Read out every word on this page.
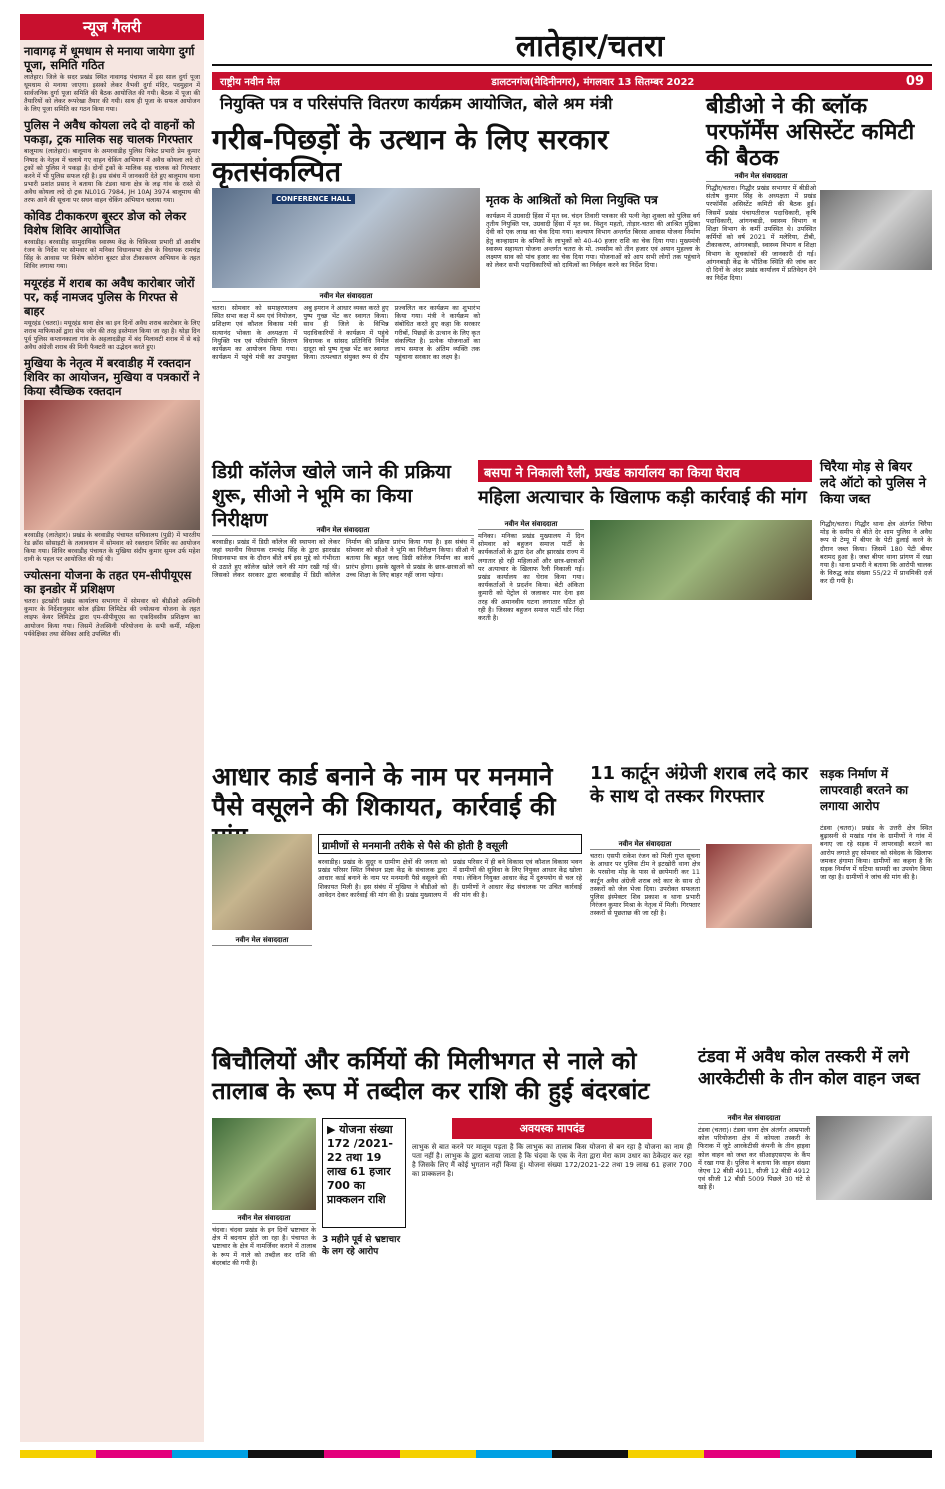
लातेहार/चतरा
राष्ट्रीय नवीन मेल	डालटनगंज(मेदिनीनगर), मंगलवार 13 सितम्बर 2022	09
न्यूज गैलरी
नावागढ़ में धूमधाम से मनाया जायेगा दुर्गा पूजा, समिति गठित
लातेहार। जिले के सदर प्रखंड स्थित नावागढ़ पंचायत में इस साल दुर्गा पूजा धूमधाम से मनाया जाएगा। इसको लेकर वैभवी दुर्गा मंदिर, पदमुहान में सार्वजनिक दुर्गा पूजा समिति की बैठक आयोजित की गयी। बैठक में पूजा की तैयारियों को लेकर रूपरेखा तैयार की गयी। साथ ही पूजा के सफल आयोजन के लिए पूजा समिति का गठन किया गया।
पुलिस ने अवैध कोयला लदे दो वाहनों को पकड़ा, ट्रक मालिक सह चालक गिरफ्तार
बालूमाथ (लातेहार)। बालूमाथ के अमरवाडीह पुलिस पिकेट प्रभारी प्रेम कुमार निषाद के नेतृत्व में चलाये गए वाहन चेकिंग अभियान में अवैध कोयला लदे दो ट्रकों को पुलिस ने पकड़ा है। दोनों ट्रकों के मालिक सह चालक को गिरफ्तार करने में भी पुलिस सफल रही है। इस संबंध में जानकारी देते हुए बालूमाथ थाना प्रभारी प्रशांत प्रसाद ने बताया कि टंडवा थाना क्षेत्र के लढ़ गांव के रास्ते से अवैध कोयला लदे दो ट्रक NL01G 7984, JH 10AJ 3974 बालूमाथ की तरफ आने की सूचना पर सघन वाहन चेकिंग अभियान चलाया गया।
कोविड टीकाकरण बूस्टर डोज को लेकर विशेष शिविर आयोजित
बरवाडीह। बरवाडीह सामुदायिक स्वास्थ्य केंद्र के चिकित्सा प्रभारी डॉ आशीष रंजन के निर्देश पर सोमवार को मनिका विधानसभा क्षेत्र के विधायक रामचंद्र सिंह के आवास पर विशेष कोरोना बूस्टर डोज टीकाकरण अभियान के तहत शिविर लगाया गया।
मयूरहंड में शराब का अवैध कारोबार जोरों पर, कई नामजद पुलिस के गिरफ्त से बाहर
मयूरहंड (चतरा)। मयूरहंड थाना क्षेत्र का इन दिनों अवैध शराब कारोबार के लिए शराब माफियाओं द्वारा सेफ जोन की तरह इस्तेमाल किया जा रहा है। थोड़ा दिन पूर्व पुलिस कप्तानकाला गांव के अहलादडीहा में बंद मिलावटी शराब में से बड़े अवैध अंग्रेजी शराब की मिनी फैक्टरी का उद्भेदन करते हुए।
मुखिया के नेतृत्व में बरवाडीह में रक्तदान शिविर का आयोजन, मुखिया व पत्रकारों ने किया स्वैच्छिक रक्तदान
बरवाडीह (लातेहार)। प्रखंड के बरवाडीह पंचायत सचिवालय (पुडी) में भारतीय रेड क्रॉस सोसाइटी के तत्वावधान में सोमवार को रक्तदान शिविर का आयोजन किया गया। शिविर बरवाडीह पंचायत के मुखिया संदीप कुमार सुमन उर्फ महेश दानी के पहल पर आयोजित की गई थी।
ज्योत्सना योजना के तहत एम-सीपीयूएस का इनडोर में प्रशिक्षण
चतरा। इटखोरी प्रखंड कार्यालय सभागार में सोमवार को बीडीओ अश्विनी कुमार के निर्देशानुसार कोल इंडिया लिमिटेड की ज्योत्सना योजना के तहत लाइफ केयर लिमिटेड द्वारा एम-सीपीयूएस का एकदिवसीय प्रशिक्षण का आयोजन किया गया। जिसमें तेजस्विनी परियोजना के सभी कर्मी, महिला पर्यवेक्षिका तथा सेविका आदि उपस्थित थीं।
नियुक्ति पत्र व परिसंपत्ति वितरण कार्यक्रम आयोजित, बोले श्रम मंत्री
गरीब-पिछड़ों के उत्थान के लिए सरकार कृतसंकल्पित
CONFERENCE HALL
नवीन मेल संवाददाता
चतरा। सोमवार को समाहरणालय स्थित सभा कक्ष में श्रम एवं नियोजन, प्रशिक्षण एवं कौशल विकास मंत्री सत्यानंद भोक्ता के अध्यक्षता में नियुक्ति पत्र एवं परिसंपत्ति वितरण कार्यक्रम का आयोजन किया गया। कार्यक्रम में पहुंचे मंत्री का उपायुक्त अबु इमरान ने आधार व्यक्त करते हुए पुष्प गुच्छ भेंट कर स्वागत किया। साथ ही जिले के विभिन्न पदाधिकारियों ने कार्यक्रम में पहुंचे विधायक व सांसद प्रतिनिधि निर्मल दादूरा को पुष्प गुच्छ भेंट कर स्वागत किया। तत्पश्चात संयुक्त रूप से दीप प्रज्वलित कर कार्यक्रम का शुभारंभ किया गया। मंत्री ने कार्यक्रम को संबोधित करते हुए कहा कि सरकार गरीबों, पिछड़ों के उत्थान के लिए कृत संकल्पित है। प्रत्येक योजनाओं का लाभ समाज के अंतिम व्यक्ति तक पहुंचाना सरकार का लक्ष्य है।
मृतक के आश्रितों को मिला नियुक्ति पत्र
कार्यक्रम में उग्रवादी हिंसा में मृत स्व. चंदन तिवारी पत्रकार की पत्नी नेहा शुक्ला को पुलिस वर्ग तृतीय नियुक्ति पत्र, उग्रवादी हिंसा में मृत स्व. विशुन महतो, तोड़ार-चतरा की आश्रित मुद्रिका देवी को एक लाख का चेक दिया गया। कल्याण विभाग अन्तर्गत बिरसा आवास योजना निर्माण हेतु कान्हाग्राम के श्रमिकों के लाभुकों को 40-40 हजार राशि का चेक दिया गया। मुख्यमंत्री स्वास्थ्य सहायता योजना अन्तर्गत चतरा के मो. तमसीम को तीन हजार एवं अयान मुहल्ला के लक्ष्मण साव को पांच हजार का चेक दिया गया। योजनाओं को आप सभी लोगों तक पहुंचाने को लेकर सभी पदाधिकारियों को दायित्वों का निर्वहन करने का निर्देश दिया।
बीडीओ ने की ब्लॉक परफॉर्मेंस असिस्टेंट कमिटी की बैठक
नवीन मेल संवाददाता
गिद्धौर/चतरा। गिद्धौर प्रखंड सभागार में बीडीओ संतोष कुमार सिंह के अध्यक्षता में प्रखंड परफॉर्मेंस असिस्टेंट कमिटी की बैठक हुई। जिसमें प्रखंड पंचायतीराज पदाधिकारी, कृषि पदाधिकारी, आंगनबाड़ी, स्वास्थ्य विभाग व शिक्षा विभाग के कर्मी उपस्थित थे। उपस्थित कर्मियों को वर्ष 2021 में मलेरिया, टीबी, टीकाकरण, आंगनबाड़ी, स्वास्थ्य विभाग व शिक्षा विभाग के सूचकांकों की जानकारी दी गई। आंगनबाड़ी केंद्र के भौतिक स्थिति की जांच कर दो दिनों के अंदर प्रखंड कार्यालय में प्रतिवेदन देने का निर्देश दिया।
चिरैया मोड़ से बियर लदे ऑटो को पुलिस ने किया जब्त
गिद्धौर/चतरा। गिद्धौर थाना क्षेत्र अंतर्गत चिरैया मोड़ के समीप से बीते देर शाम पुलिस ने अवैध रूप से टेम्पू में बीयर के पेटी ढुलाई करने के दौरान जब्त किया। जिसमें 180 पेटी बीयर बरामद हुआ है। जब्त बीयर थाना प्रांगण में रखा गया है। थाना प्रभारी ने बताया कि आरोपी चालक के विरुद्ध कांड संख्या 55/22 में प्राथमिकी दर्ज कर दी गयी है।
डिग्री कॉलेज खोले जाने की प्रक्रिया शुरू, सीओ ने भूमि का किया निरीक्षण	नवीन मेल संवाददाता
बरवाडीह। प्रखंड में डिग्री कॉलेज की स्थापना को लेकर जहां स्थानीय विधायक रामचंद्र सिंह के द्वारा झारखंड विधानसभा सत्र के दौरान बीते वर्ष इस मुद्दे को गंभीरता से उठाते हुए कॉलेज खोले जाने की मांग रखी गई थी। जिसको लेकर सरकार द्वारा बरवाडीह में डिग्री कॉलेज निर्माण की प्रक्रिया प्रारंभ किया गया है। इस संबंध में सोमवार को सीओ ने भूमि का निरीक्षण किया। सीओ ने बताया कि बहुत जल्द डिग्री कॉलेज निर्माण का कार्य प्रारंभ होगा। इसके खुलने से प्रखंड के छात्र-छात्राओं को उच्च शिक्षा के लिए बाहर नहीं जाना पड़ेगा।
बसपा ने निकाली रैली, प्रखंड कार्यालय का किया घेराव
महिला अत्याचार के खिलाफ कड़ी कार्रवाई की मांग
नवीन मेल संवाददाता
मनिका। मनिका प्रखंड मुख्यालय में दिन सोमवार को बहुजन समाज पार्टी के कार्यकर्ताओं के द्वारा देश और झारखंड राज्य में लगातार हो रही महिलाओं और छात्र-छात्राओं पर अत्याचार के खिलाफ रैली निकाली गई। प्रखंड कार्यालय का घेराव किया गया। कार्यकर्ताओं ने प्रदर्शन किया। बेटी अंकिता कुमारी को पेट्रोल से जलाकर मार देना इस तरह की अमानवीय घटना लगातार घटित हो रही है। जिसका बहुजन समाज पार्टी घोर निंदा करती है।
आधार कार्ड बनाने के नाम पर मनमाने पैसे वसूलने की शिकायत, कार्रवाई की
नवीन मेल संवाददाता
ग्रामीणों से मनमानी तरीके से पैसे की होती है वसूली
बरवाडीह। प्रखंड के सुदूर व ग्रामीण क्षेत्रों की जनता को प्रखंड परिसर स्थित निबंधन प्रज्ञा केंद्र के संचालक द्वारा आधार कार्ड बनाने के नाम पर मनमानी पैसे वसूलने की शिकायत मिली है। इस संबंध में मुखिया ने बीडीओ को आवेदन देकर कार्रवाई की मांग की है। प्रखंड मुख्यालय में प्रखंड परिसर में ही बने विकास एवं कौशल विकास भवन में ग्रामीणों की सुविधा के लिए नियुक्त आधार केंद्र खोला गया। लेकिन नियुक्त आधार केंद्र में दुरुपयोग से चल रहे हैं। ग्रामीणों ने आधार केंद्र संचालक पर उचित कार्रवाई की मांग की है।
11 कार्टून अंग्रेजी शराब लदे कार के साथ दो तस्कर गिरफ्तार
नवीन मेल संवाददाता
चतरा। एसपी राकेश रंजन को मिली गुप्त सूचना के आधार पर पुलिस टीम ने इटखोरी थाना क्षेत्र के परसोना मोड़ के पास से छापेमारी कर 11 कार्टून अवैध अंग्रेजी शराब लदे कार के साथ दो तस्करों को जेल भेजा दिया। उपरोक्त सफलता पुलिस इंस्पेक्टर शिव प्रकाश व थाना प्रभारी निरंजन कुमार मिश्रा के नेतृत्व में मिली। गिरफ्तार तस्करों से पूछताछ की जा रही है।
सड़क निर्माण में लापरवाही बरतने का लगाया आरोप
टंडवा (चतरा)। प्रखंड के उत्तरी क्षेत्र स्थित बुढ़ासनी से मखांड गांव के ग्रामीणों ने गांव में बनाए जा रहे सड़क में लापरवाही बरतने का आरोप लगाते हुए सोमवार को संवेदक के खिलाफ जमकर हंगामा किया। ग्रामीणों का कहना है कि सड़क निर्माण में घटिया सामग्री का उपयोग किया जा रहा है। ग्रामीणों ने जांच की मांग की है।
बिचौलियों और कर्मियों की मिलीभगत से नाले को तालाब के रूप में तब्दील कर राशि की हुई बंदरबांट
नवीन मेल संवाददाता
चंदवा। चंदवा प्रखंड के इन दिनों भ्रष्टाचार के क्षेत्र में बदनाम होते जा रहा है। पंचायत के भ्रष्टाचार के क्षेत्र में नामर्जिवर कराने में तालाब के रूप में नाले को तब्दील कर राशि की बंदरबांट की गयी है।
▶ योजना संख्या 172 /2021-22 तथा 19 लाख 61 हजार 700 का प्राक्कलन राशि
3 महीने पूर्व से भ्रष्टाचार के लग रहे आरोप
अवयस्क मापदंड
लाभुक से बात करने पर मालूम पड़ता है कि लाभुक का तालाब किस योजना से बन रहा है योजना का नाम ही पता नहीं है। लाभुक के द्वारा बताया जाता है कि चंदवा के एक के नेता द्वारा मेरा काम उधार का ठेकेदार कर रहा है जिसके लिए मैं कोई भुगतान नहीं किया हूं। योजना संख्या 172/2021-22 तथा 19 लाख 61 हजार 700 का प्राक्कलन है।
टंडवा में अवैध कोल तस्करी में लगे आरकेटीसी के तीन कोल वाहन जब्त
नवीन मेल संवाददाता
टंडवा (चतरा)। टंडवा थाना क्षेत्र अंतर्गत आम्रपाली कोल परियोजना क्षेत्र में कोयला तस्करी के फिराक में जुटे आरकेटीसी कंपनी के तीन हाइवा कोल वाहन को जब्त कर सीआइएसएफ के कैंप में रखा गया है। पुलिस ने बताया कि वाहन संख्या जेएच 12 बीडी 4911, सीजी 12 बीडी 4912 एवं सीजी 12 बीडी 5009 पिछले 30 घंटे से खड़े हैं।
